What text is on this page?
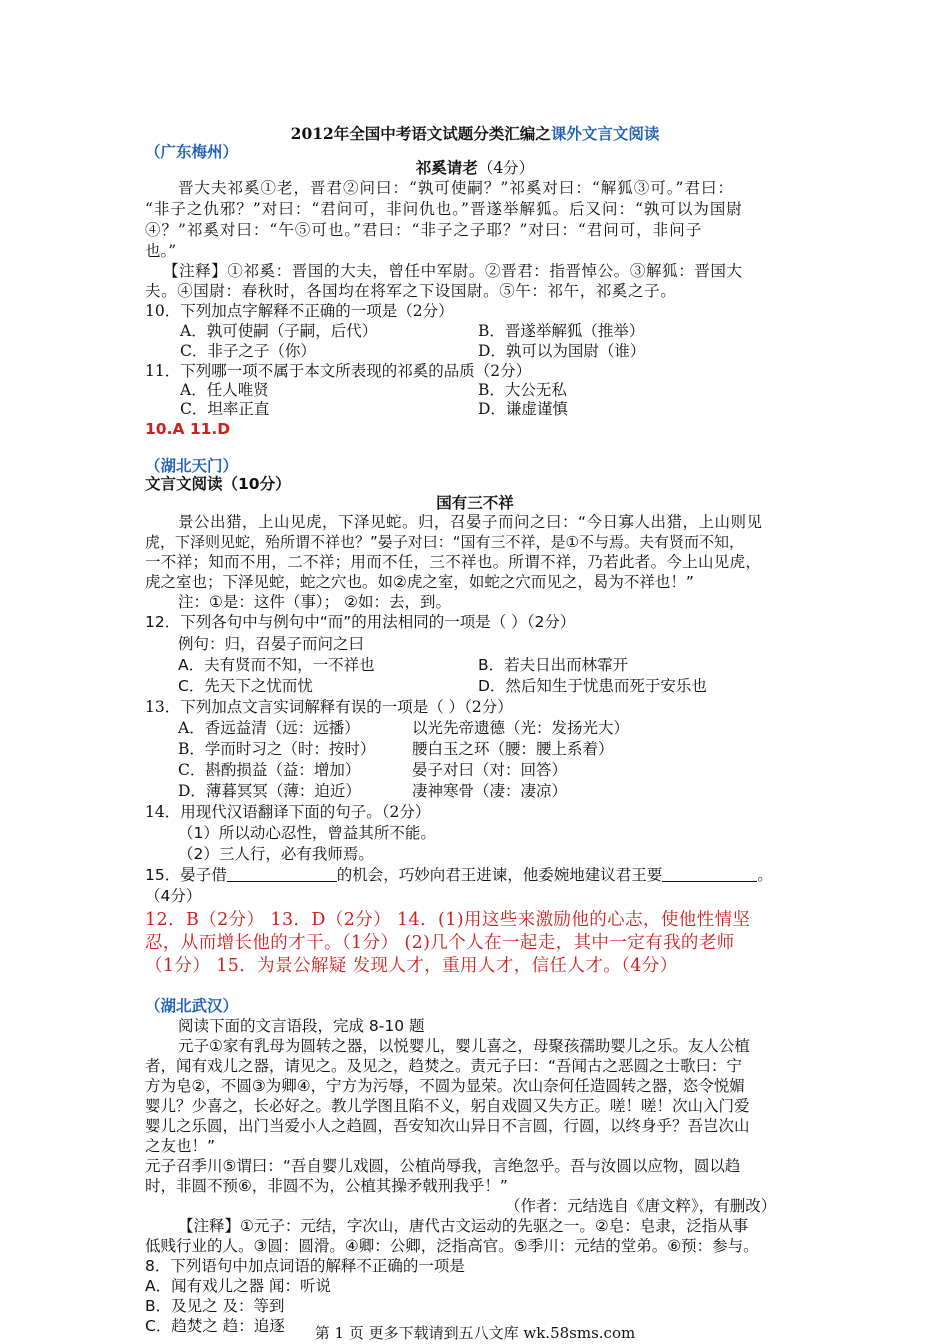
2012年全国中考语文试题分类汇编之课外文言文阅读
（广东梅州）
祁奚请老（4分）
晋大夫祁奚①老，晋君②问曰：“孰可使嗣？”祁奚对曰：“解狐③可。”君曰：
“非子之仇邪？”对曰：“君问可，非问仇也。”晋遂举解狐。后又问：“孰可以为国尉
④？”祁奚对曰：“午⑤可也。”君曰：“非子之子耶？”对曰：“君问可，非问子
也。”
【注释】①祁奚：晋国的大夫，曾任中军尉。②晋君：指晋悼公。③解狐：晋国大
夫。④国尉：春秋时，各国均在将军之下设国尉。⑤午：祁午，祁奚之子。
10．下列加点字解释不正确的一项是（2分）
A．孰可使嗣（子嗣，后代）	B．晋遂举解狐（推举）
C．非子之子（你）	D．孰可以为国尉（谁）
11．下列哪一项不属于本文所表现的祁奚的品质（2分）
A．任人唯贤	B．大公无私
C．坦率正直	D．谦虚谨慎
10.A 11.D
（湖北天门）
文言文阅读（10分）
国有三不祥
景公出猎，上山见虎，下泽见蛇。归，召晏子而问之曰：“今日寡人出猎，上山则见
虎，下泽则见蛇，殆所谓不祥也？”晏子对曰：“国有三不祥，是①不与焉。夫有贤而不知，
一不祥；知而不用，二不祥；用而不任，三不祥也。所谓不祥，乃若此者。今上山见虎，
虎之室也；下泽见蛇，蛇之穴也。如②虎之室，如蛇之穴而见之，曷为不祥也！”
注：①是：这件（事）； ②如：去，到。
12．下列各句中与例句中“而”的用法相同的一项是（ ）（2分）
例句：归，召晏子而问之曰
A．夫有贤而不知，一不祥也	B．若夫日出而林霏开
C．先天下之忧而忧	D．然后知生于忧患而死于安乐也
13．下列加点文言实词解释有误的一项是（ ）（2分）
A．香远益清（远：远播）	以光先帝遗德（光：发扬光大）
B．学而时习之（时：按时） 腰白玉之环（腰：腰上系着）
C．斟酌损益（益：增加）	晏子对曰（对：回答）
D．薄暮冥冥（薄：迫近）	凄神寒骨（凄：凄凉）
14．用现代汉语翻译下面的句子。（2分）
（1）所以动心忍性，曾益其所不能。
（2）三人行，必有我师焉。
15．晏子借	的机会，巧妙向君王进谏，他委婉地建议君王要	。
（4分）
12．B（2分） 13．D（2分） 14．(1)用这些来激励他的心志，使他性情坚
忍，从而增长他的才干。（1分） (2)几个人在一起走，其中一定有我的老师
（1分） 15．为景公解疑 发现人才，重用人才，信任人才。（4分）
（湖北武汉）
阅读下面的文言语段，完成 8-10 题
元子①家有乳母为圆转之器，以悦婴儿，婴儿喜之，母聚孩孺助婴儿之乐。友人公植
者，闻有戏儿之器，请见之。及见之，趋焚之。责元子曰：“吾闻古之恶圆之士歌曰：宁
方为皂②，不圆③为卿④，宁方为污辱，不圆为显荣。次山奈何任造圆转之器，恣令悦媚
婴儿？少喜之，长必好之。教儿学图且陷不义，躬自戏圆又失方正。嗟！嗟！次山入门爱
婴儿之乐圆，出门当爱小人之趋圆，吾安知次山异日不言圆，行圆，以终身乎？吾岂次山
之友也！”
元子召季川⑤谓曰：“吾自婴儿戏圆，公植尚辱我，言绝忽乎。吾与汝圆以应物，圆以趋
时，非圆不预⑥，非圆不为，公植其操矛戟刑我乎！”
（作者：元结选自《唐文粹》，有删改）
【注释】①元子：元结，字次山，唐代古文运动的先驱之一。②皂：皂隶，泛指从事
低贱行业的人。③圆：圆滑。④卿：公卿，泛指高官。⑤季川：元结的堂弟。⑥预：参与。
8．下列语句中加点词语的解释不正确的一项是
A．闻有戏儿之器 闻：听说
B．及见之 及：等到
C．趋焚之 趋：追逐	第 1 页 更多下载请到五八文库 wk.58sms.com
